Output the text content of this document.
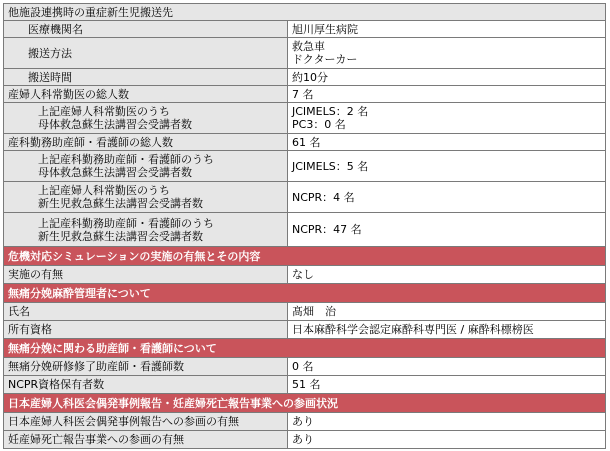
他施設連携時の重症新生児搬送先	
医療機関名	旭川厚生病院
搬送方法	救急車
ドクターカー

搬送時間	約10分
産婦人科常勤医の総人数	7 名

上記産婦人科常勤医のうち
母体救急蘇生法講習会受講者数	JCIMELS：2 名
PC3：0 名

産科勤務助産師・看護師の総人数	61 名

上記産科勤務助産師・看護師のうち
母体救急蘇生法講習会受講者数	JCIMELS：5 名

上記産婦人科常勤医のうち
新生児救急蘇生法講習会受講者数	NCPR：4 名

上記産科勤務助産師・看護師のうち
新生児救急蘇生法講習会受講者数	NCPR：47 名
危機対応シミュレーションの実施の有無とその内容	
実施の有無	なし
無痛分娩麻酔管理者について	
氏名	髙畑　治
所有資格	日本麻酔科学会認定麻酔科専門医 / 麻酔科標榜医
無痛分娩に関わる助産師・看護師について	
無痛分娩研修修了助産師・看護師数	0 名
NCPR資格保有者数	51 名
日本産婦人科医会偶発事例報告・妊産婦死亡報告事業への参画状況	
日本産婦人科医会偶発事例報告への参画の有無	あり
妊産婦死亡報告事業への参画の有無	あり
